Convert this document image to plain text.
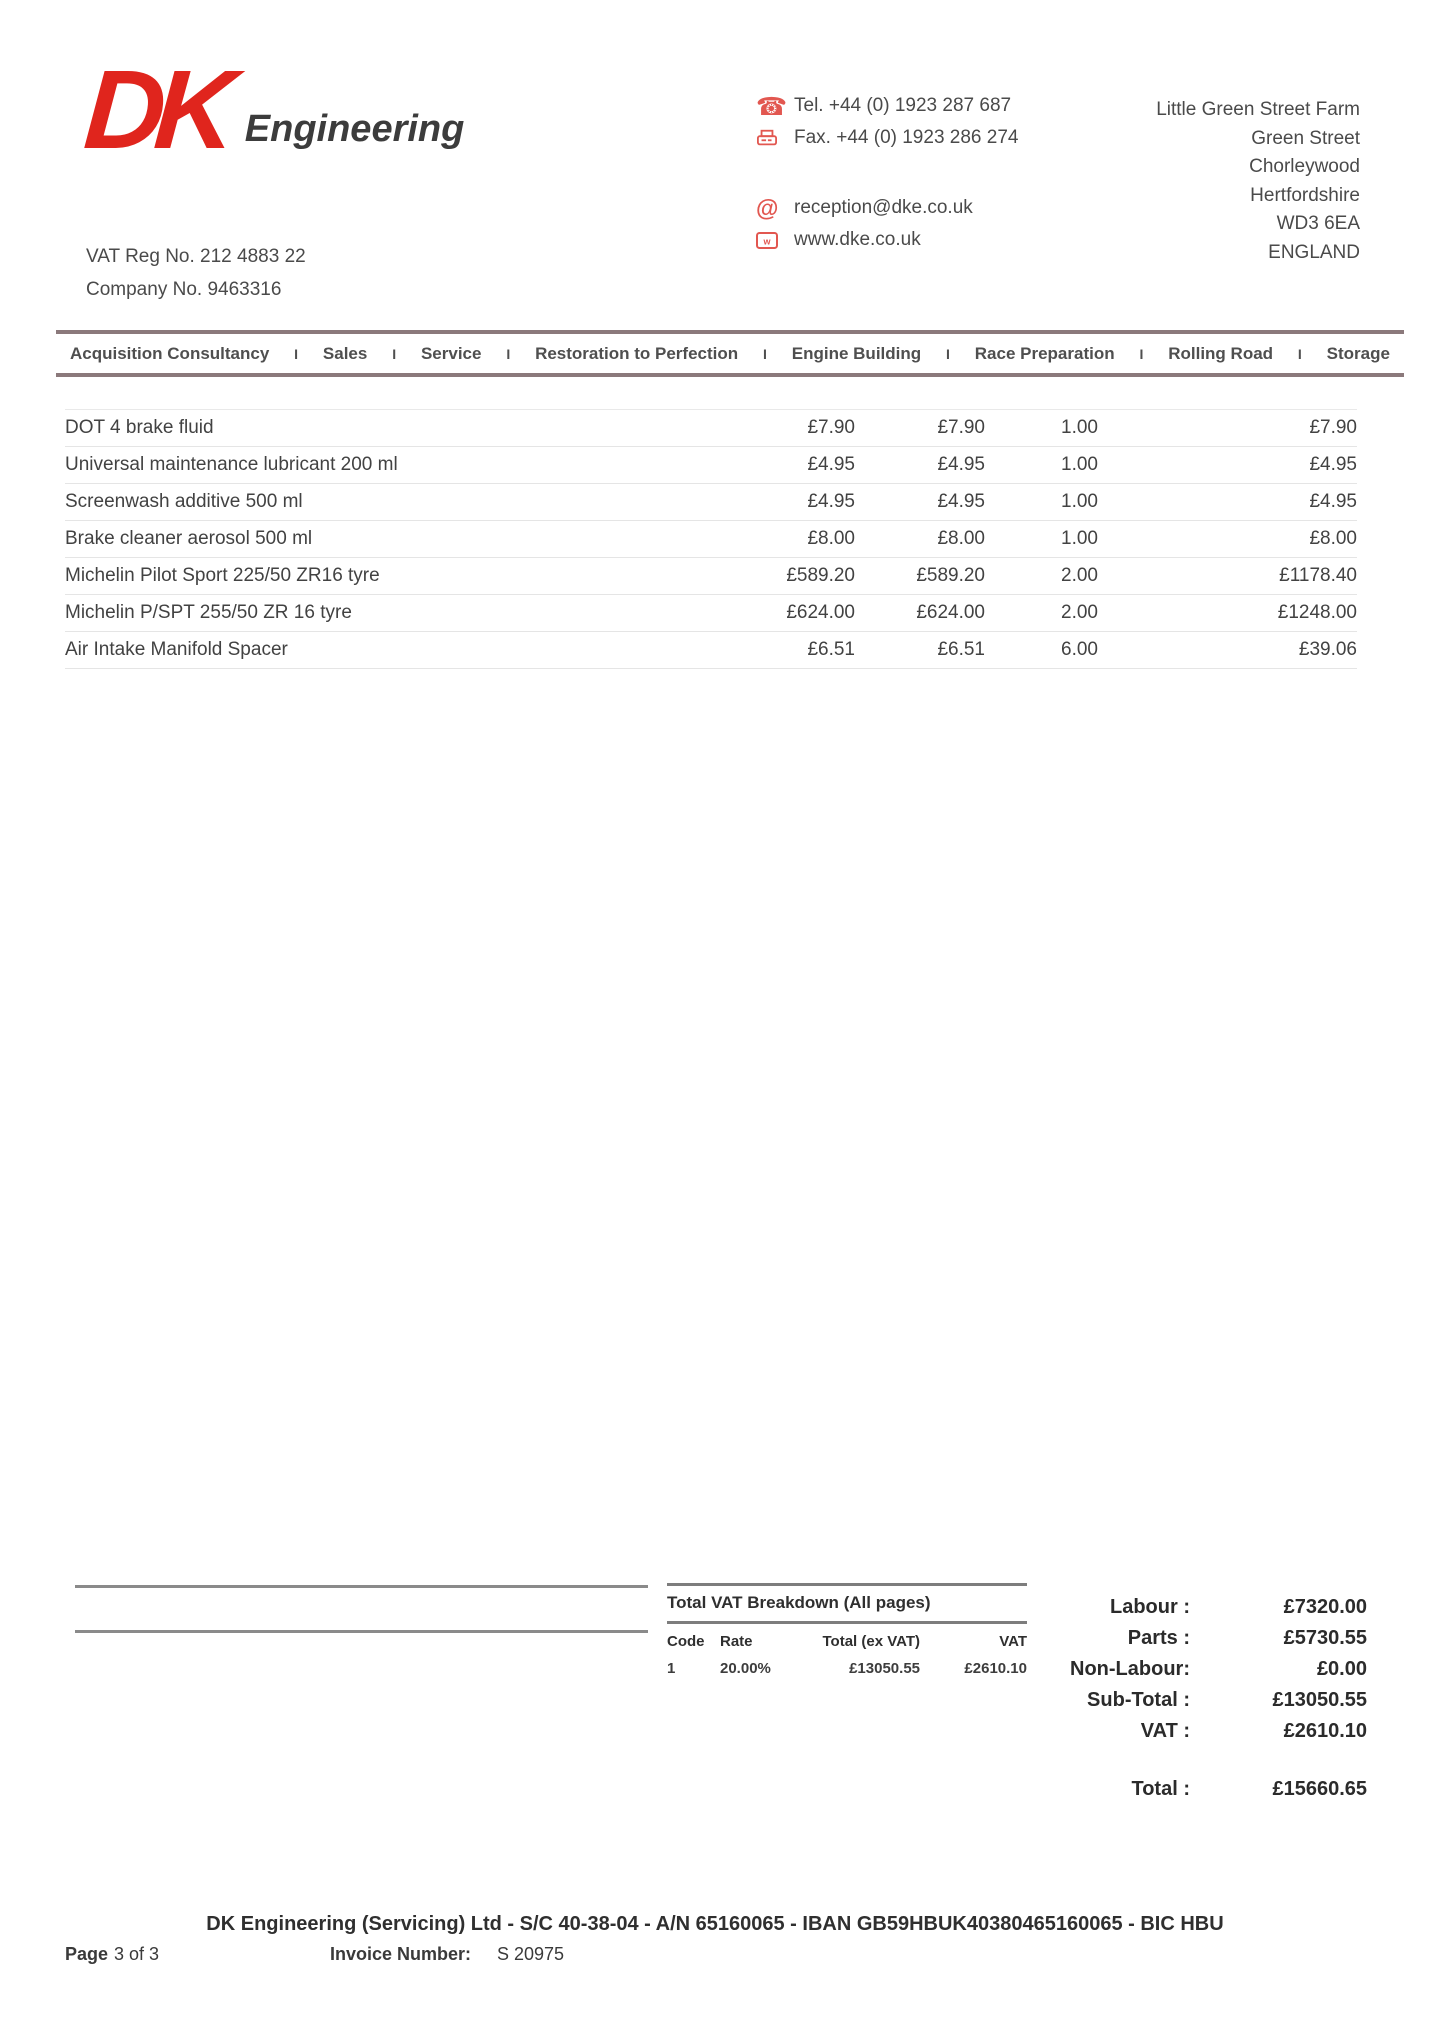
DK Engineering
VAT Reg No. 212 4883 22
Company No. 9463316
☎ Tel. +44 (0) 1923 287 687
Fax. +44 (0) 1923 286 274
@ reception@dke.co.uk
w www.dke.co.uk
Little Green Street Farm
Green Street
Chorleywood
Hertfordshire
WD3 6EA
ENGLAND
Acquisition Consultancy I Sales I Service I Restoration to Perfection I Engine Building I Race Preparation I Rolling Road I Storage
DOT 4 brake fluid	£7.90	£7.90	1.00	£7.90
Universal maintenance lubricant 200 ml	£4.95	£4.95	1.00	£4.95
Screenwash additive 500 ml	£4.95	£4.95	1.00	£4.95
Brake cleaner aerosol 500 ml	£8.00	£8.00	1.00	£8.00
Michelin Pilot Sport 225/50 ZR16 tyre	£589.20	£589.20	2.00	£1178.40
Michelin P/SPT 255/50 ZR 16 tyre	£624.00	£624.00	2.00	£1248.00
Air Intake Manifold Spacer	£6.51	£6.51	6.00	£39.06
Total VAT Breakdown (All pages)
Code	Rate	Total (ex VAT)	VAT
1	20.00%	£13050.55	£2610.10
Labour :	£7320.00
Parts :	£5730.55
Non-Labour:	£0.00
Sub-Total :	£13050.55
VAT :	£2610.10
Total :	£15660.65
DK Engineering (Servicing) Ltd - S/C 40-38-04 - A/N 65160065 - IBAN GB59HBUK40380465160065 - BIC HBU
Page 3 of 3	Invoice Number: S 20975
